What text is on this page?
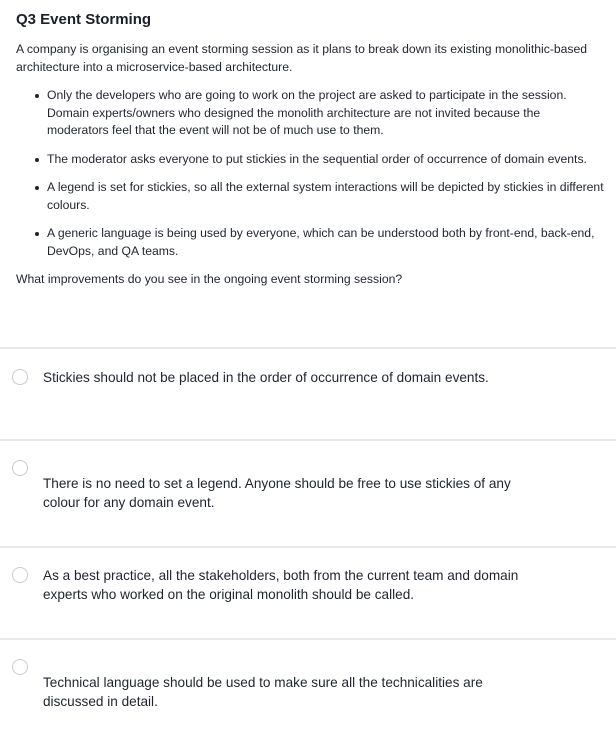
Q3 Event Storming

A company is organising an event storming session as it plans to break down its existing monolithic-based architecture into a microservice-based architecture.

Only the developers who are going to work on the project are asked to participate in the session. Domain experts/owners who designed the monolith architecture are not invited because the moderators feel that the event will not be of much use to them.
The moderator asks everyone to put stickies in the sequential order of occurrence of domain events.
A legend is set for stickies, so all the external system interactions will be depicted by stickies in different colours.
A generic language is being used by everyone, which can be understood both by front-end, back-end, DevOps, and QA teams.

What improvements do you see in the ongoing event storming session?

Stickies should not be placed in the order of occurrence of domain events.
There is no need to set a legend. Anyone should be free to use stickies of any colour for any domain event.
As a best practice, all the stakeholders, both from the current team and domain experts who worked on the original monolith should be called.
Technical language should be used to make sure all the technicalities are discussed in detail.
